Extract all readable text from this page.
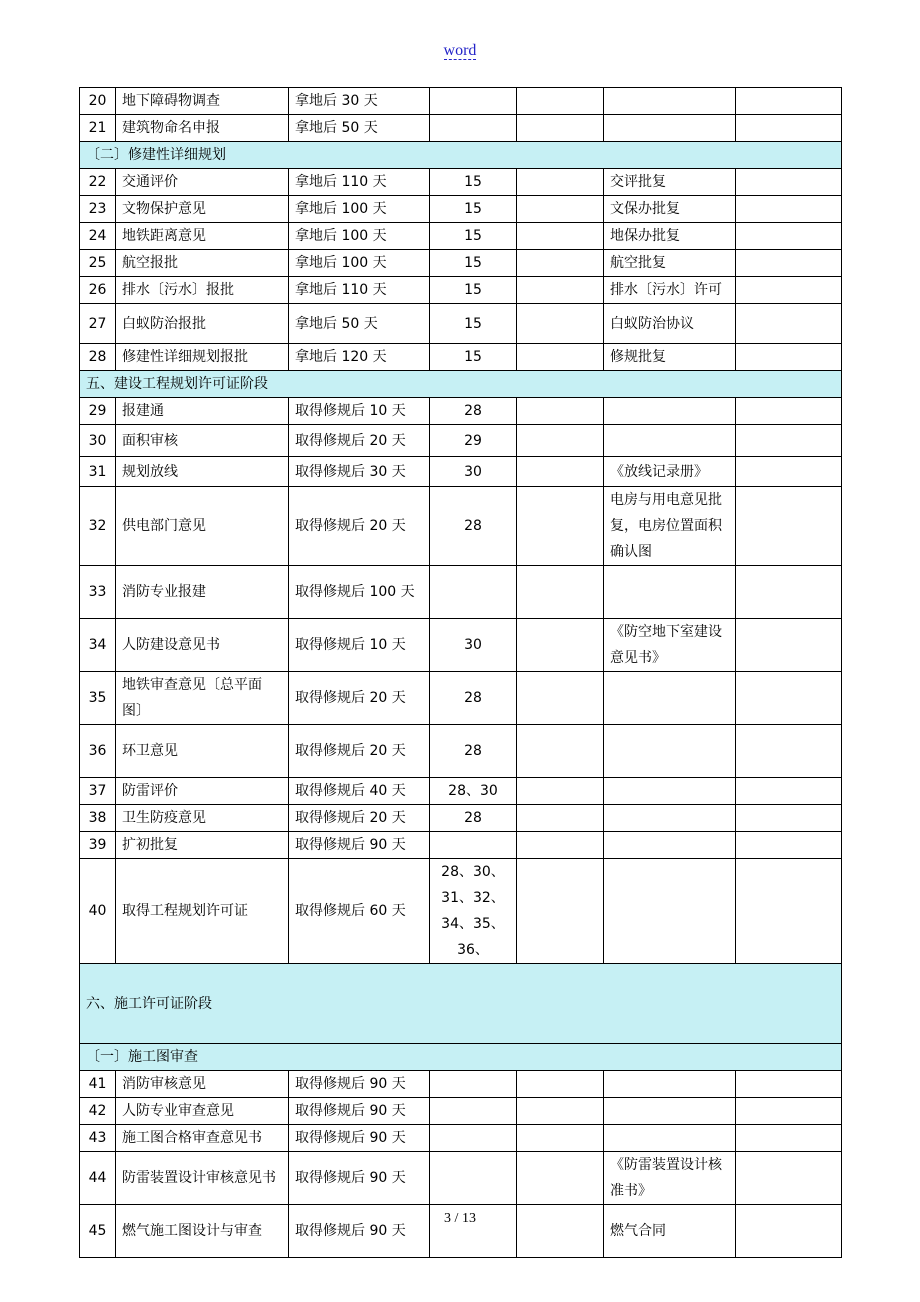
word
20	地下障碍物调查	拿地后 30 天				
21	建筑物命名申报	拿地后 50 天				
〔二〕修建性详细规划						
22	交通评价	拿地后 110 天	15		交评批复	
23	文物保护意见	拿地后 100 天	15		文保办批复	
24	地铁距离意见	拿地后 100 天	15		地保办批复	
25	航空报批	拿地后 100 天	15		航空批复	
26	排水〔污水〕报批	拿地后 110 天	15		排水〔污水〕许可	
27	白蚁防治报批	拿地后 50 天	15		白蚁防治协议	
28	修建性详细规划报批	拿地后 120 天	15		修规批复	
五、建设工程规划许可证阶段						
29	报建通	取得修规后 10 天	28			
30	面积审核	取得修规后 20 天	29			
31	规划放线	取得修规后 30 天	30		《放线记录册》	
32	供电部门意见	取得修规后 20 天	28		电房与用电意见批复，电房位置面积确认图	
33	消防专业报建	取得修规后 100 天				
34	人防建设意见书	取得修规后 10 天	30		《防空地下室建设意见书》	
35	地铁审查意见〔总平面图〕	取得修规后 20 天	28			
36	环卫意见	取得修规后 20 天	28			
37	防雷评价	取得修规后 40 天	28、30			
38	卫生防疫意见	取得修规后 20 天	28			
39	扩初批复	取得修规后 90 天				
40	取得工程规划许可证	取得修规后 60 天	28、30、31、32、34、35、36、			
六、施工许可证阶段						
〔一〕施工图审查						
41	消防审核意见	取得修规后 90 天				
42	人防专业审查意见	取得修规后 90 天				
43	施工图合格审查意见书	取得修规后 90 天				
44	防雷装置设计审核意见书	取得修规后 90 天			《防雷装置设计核准书》	
45	燃气施工图设计与审查	取得修规后 90 天			燃气合同	
3 / 13
